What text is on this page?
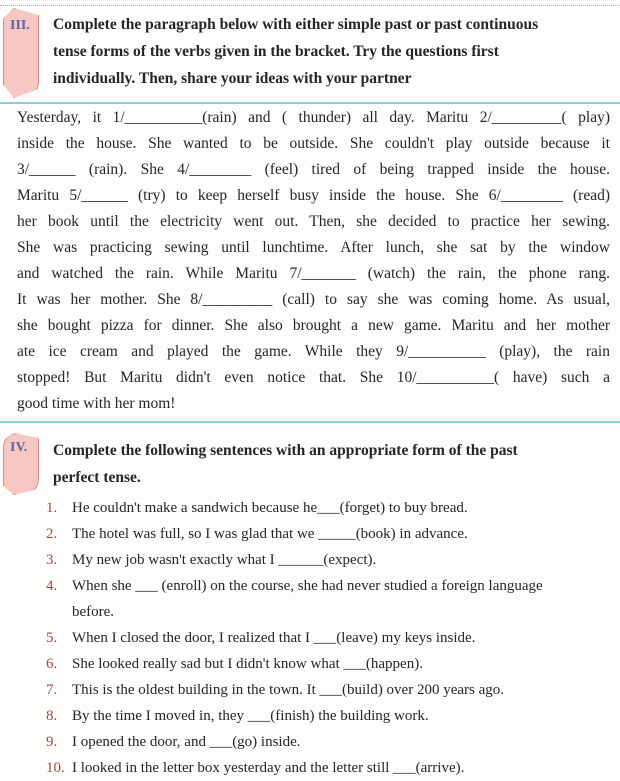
III. Complete the paragraph below with either simple past or past continuous
tense forms of the verbs given in the bracket. Try the questions first
individually. Then, share your ideas with your partner
Yesterday, it 1/__________(rain) and ( thunder) all day. Maritu 2/_________( play)
inside the house. She wanted to be outside. She couldn't play outside because it
3/______ (rain). She 4/________ (feel) tired of being trapped inside the house.
Maritu 5/______ (try) to keep herself busy inside the house. She 6/________ (read)
her book until the electricity went out. Then, she decided to practice her sewing.
She was practicing sewing until lunchtime. After lunch, she sat by the window
and watched the rain. While Maritu 7/_______ (watch) the rain, the phone rang.
It was her mother. She 8/_________ (call) to say she was coming home. As usual,
she bought pizza for dinner. She also brought a new game. Maritu and her mother
ate ice cream and played the game. While they 9/__________ (play), the rain
stopped! But Maritu didn't even notice that. She 10/__________( have) such a
good time with her mom!
IV. Complete the following sentences with an appropriate form of the past
perfect tense.
1. He couldn't make a sandwich because he___(forget) to buy bread.
2. The hotel was full, so I was glad that we _____(book) in advance.
3. My new job wasn't exactly what I ______(expect).
4. When she ___ (enroll) on the course, she had never studied a foreign language
before.
5. When I closed the door, I realized that I ___(leave) my keys inside.
6. She looked really sad but I didn't know what ___(happen).
7. This is the oldest building in the town. It ___(build) over 200 years ago.
8. By the time I moved in, they ___(finish) the building work.
9. I opened the door, and ___(go) inside.
10. I looked in the letter box yesterday and the letter still ___(arrive).
